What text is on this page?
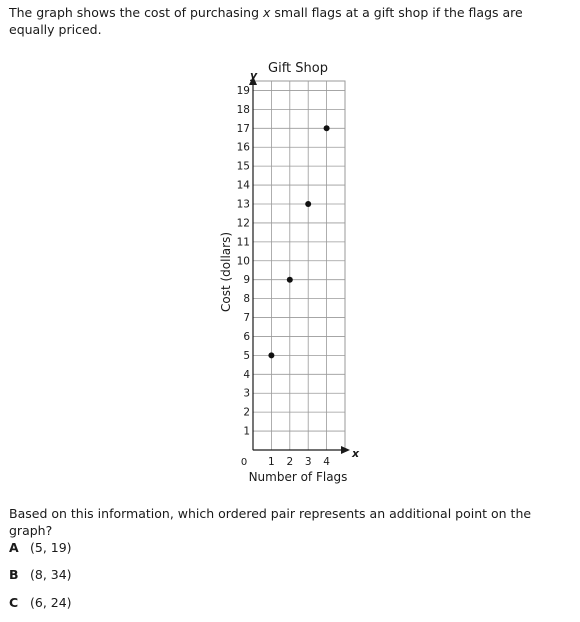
The graph shows the cost of purchasing x small flags at a gift shop if the flags are equally priced.
1
2
3
4
5
6
7
8
9
10
11
12
13
14
15
16
17
18
19
1 2 3 4
Gift Shop
Number of Flags
Cost (dollars)
x
y
0
Based on this information, which ordered pair represents an additional point on the graph?
A (5, 19)
B (8, 34)
C (6, 24)
